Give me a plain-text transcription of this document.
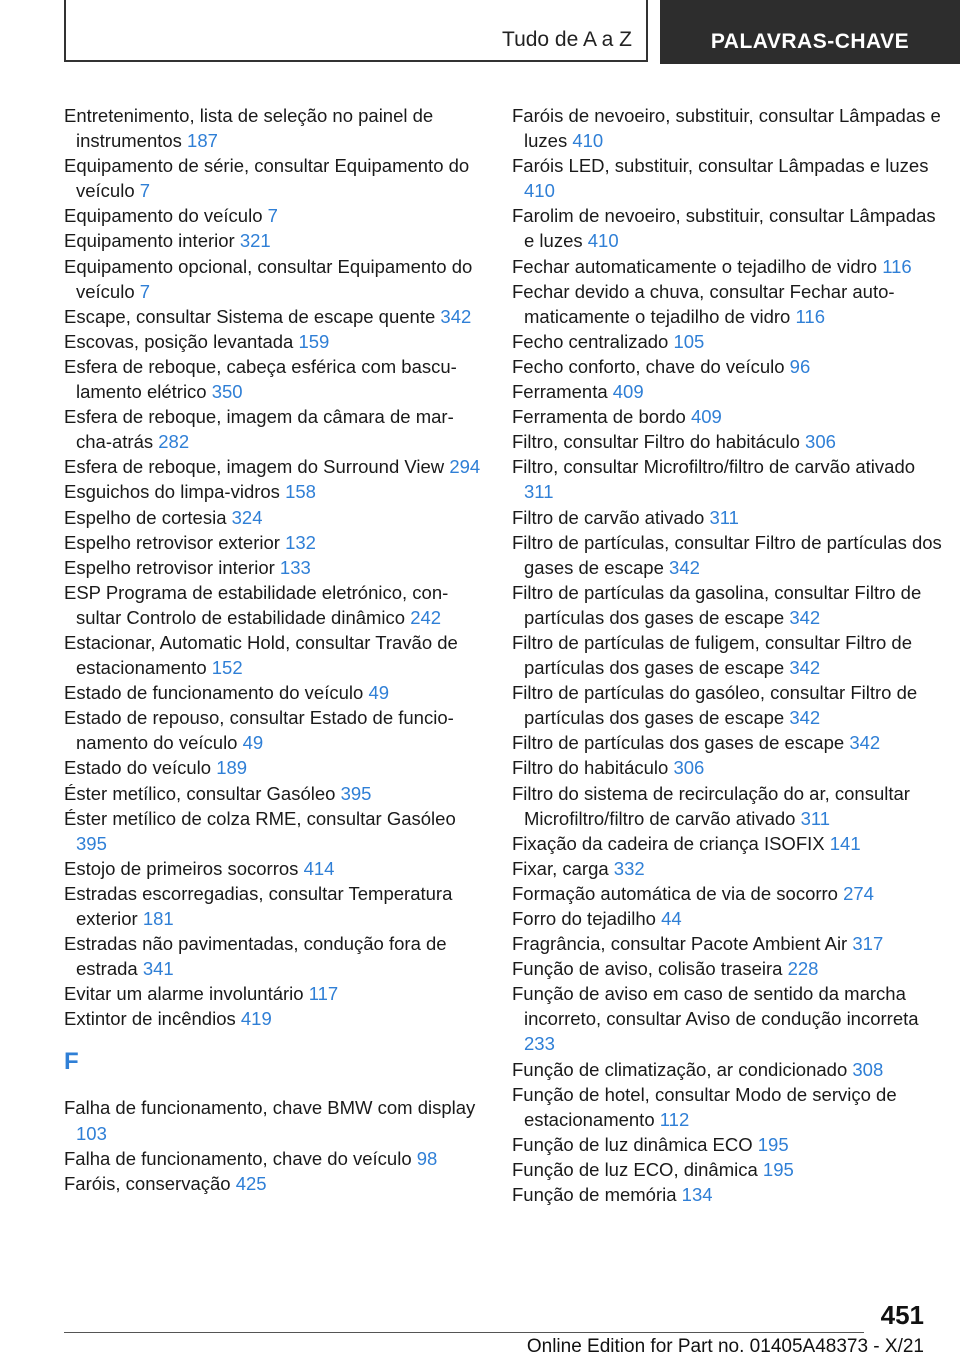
Tudo de A a Z	PALAVRAS-CHAVE
Entretenimento, lista de seleção no painel de instrumentos 187
Equipamento de série, consultar Equipamento do veículo 7
Equipamento do veículo 7
Equipamento interior 321
Equipamento opcional, consultar Equipamento do veículo 7
Escape, consultar Sistema de escape quente 342
Escovas, posição levantada 159
Esfera de reboque, cabeça esférica com basculamento elétrico 350
Esfera de reboque, imagem da câmara de marcha-atrás 282
Esfera de reboque, imagem do Surround View 294
Esguichos do limpa-vidros 158
Espelho de cortesia 324
Espelho retrovisor exterior 132
Espelho retrovisor interior 133
ESP Programa de estabilidade eletrónico, consultar Controlo de estabilidade dinâmico 242
Estacionar, Automatic Hold, consultar Travão de estacionamento 152
Estado de funcionamento do veículo 49
Estado de repouso, consultar Estado de funcionamento do veículo 49
Estado do veículo 189
Éster metílico, consultar Gasóleo 395
Éster metílico de colza RME, consultar Gasóleo 395
Estojo de primeiros socorros 414
Estradas escorregadias, consultar Temperatura exterior 181
Estradas não pavimentadas, condução fora de estrada 341
Evitar um alarme involuntário 117
Extintor de incêndios 419
F
Falha de funcionamento, chave BMW com display 103
Falha de funcionamento, chave do veículo 98
Faróis, conservação 425
Faróis de nevoeiro, substituir, consultar Lâmpadas e luzes 410
Faróis LED, substituir, consultar Lâmpadas e luzes 410
Farolim de nevoeiro, substituir, consultar Lâmpadas e luzes 410
Fechar automaticamente o tejadilho de vidro 116
Fechar devido a chuva, consultar Fechar automaticamente o tejadilho de vidro 116
Fecho centralizado 105
Fecho conforto, chave do veículo 96
Ferramenta 409
Ferramenta de bordo 409
Filtro, consultar Filtro do habitáculo 306
Filtro, consultar Microfiltro/filtro de carvão ativado 311
Filtro de carvão ativado 311
Filtro de partículas, consultar Filtro de partículas dos gases de escape 342
Filtro de partículas da gasolina, consultar Filtro de partículas dos gases de escape 342
Filtro de partículas de fuligem, consultar Filtro de partículas dos gases de escape 342
Filtro de partículas do gasóleo, consultar Filtro de partículas dos gases de escape 342
Filtro de partículas dos gases de escape 342
Filtro do habitáculo 306
Filtro do sistema de recirculação do ar, consultar Microfiltro/filtro de carvão ativado 311
Fixação da cadeira de criança ISOFIX 141
Fixar, carga 332
Formação automática de via de socorro 274
Forro do tejadilho 44
Fragrância, consultar Pacote Ambient Air 317
Função de aviso, colisão traseira 228
Função de aviso em caso de sentido da marcha incorreto, consultar Aviso de condução incorreta 233
Função de climatização, ar condicionado 308
Função de hotel, consultar Modo de serviço de estacionamento 112
Função de luz dinâmica ECO 195
Função de luz ECO, dinâmica 195
Função de memória 134
451
Online Edition for Part no. 01405A48373 - X/21
